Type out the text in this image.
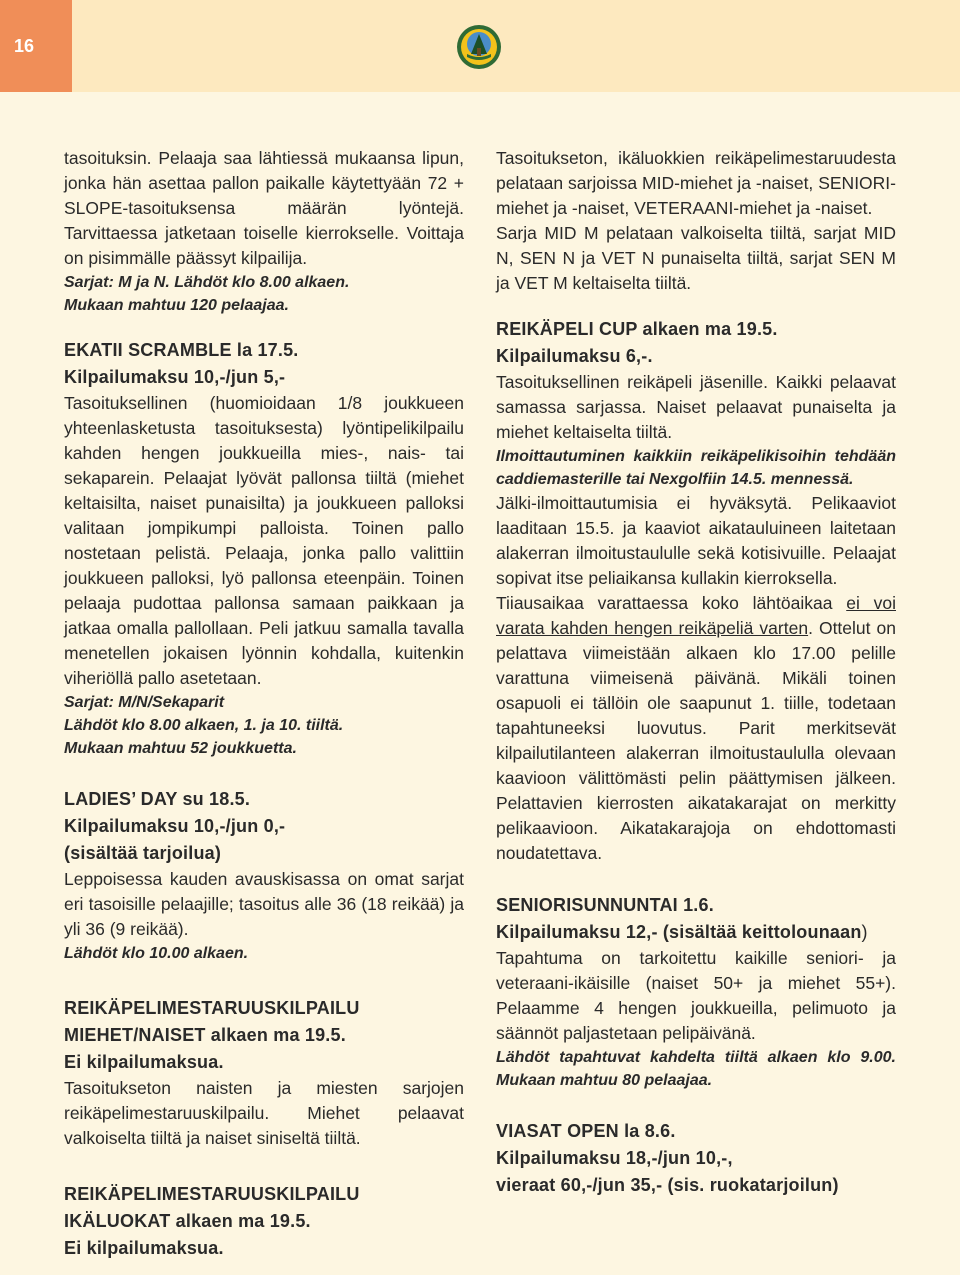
16

tasoituksin. Pelaaja saa lähtiessä mukaansa lipun, jonka hän asettaa pallon paikalle käytettyään 72 + SLOPE-tasoituksensa määrän lyöntejä. Tarvittaessa jatketaan toiselle kierrokselle. Voittaja on pisimmälle päässyt kilpailija.

Sarjat: M ja N. Lähdöt klo 8.00 alkaen.
Mukaan mahtuu 120 pelaajaa.
EKATII SCRAMBLE la 17.5.
Kilpailumaksu 10,-/jun 5,-

Tasoituksellinen (huomioidaan 1/8 joukkueen yhteenlasketusta tasoituksesta) lyöntipelikilpailu kahden hengen joukkueilla mies-, nais- tai sekaparein. Pelaajat lyövät pallonsa tiiltä (miehet keltaisilta, naiset punaisilta) ja joukkueen palloksi valitaan jompikumpi palloista. Toinen pallo nostetaan pelistä. Pelaaja, jonka pallo valittiin joukkueen palloksi, lyö pallonsa eteenpäin. Toinen pelaaja pudottaa pallonsa samaan paikkaan ja jatkaa omalla pallollaan. Peli jatkuu samalla tavalla menetellen jokaisen lyönnin kohdalla, kuitenkin viheriöllä pallo asetetaan.

Sarjat: M/N/Sekaparit
Lähdöt klo 8.00 alkaen, 1. ja 10. tiiltä.
Mukaan mahtuu 52 joukkuetta.
LADIES’ DAY su 18.5.
Kilpailumaksu 10,-/jun 0,-
(sisältää tarjoilua)

Leppoisessa kauden avauskisassa on omat sarjat eri tasoisille pelaajille; tasoitus alle 36 (18 reikää) ja yli 36 (9 reikää).

Lähdöt klo 10.00 alkaen.
REIKÄPELIMESTARUUSKILPAILU
MIEHET/NAISET alkaen ma 19.5.
Ei kilpailumaksua.

Tasoitukseton naisten ja miesten sarjojen reikäpelimestaruuskilpailu. Miehet pelaavat valkoiselta tiiltä ja naiset siniseltä tiiltä.

REIKÄPELIMESTARUUSKILPAILU
IKÄLUOKAT alkaen ma 19.5.
Ei kilpailumaksua.

Tasoitukseton, ikäluokkien reikäpelimestaruudesta pelataan sarjoissa MID-miehet ja -naiset, SENIORI-miehet ja -naiset, VETERAANI-miehet ja -naiset.

Sarja MID M pelataan valkoiselta tiiltä, sarjat MID N, SEN N ja VET N punaiselta tiiltä, sarjat SEN M ja VET M keltaiselta tiiltä.

REIKÄPELI CUP alkaen ma 19.5.
Kilpailumaksu 6,-.

Tasoituksellinen reikäpeli jäsenille. Kaikki pelaavat samassa sarjassa. Naiset pelaavat punaiselta ja miehet keltaiselta tiiltä.

Ilmoittautuminen kaikkiin reikäpelikisoihin tehdään caddiemasterille tai Nexgolfiin 14.5. mennessä.

Jälki-ilmoittautumisia ei hyväksytä. Pelikaaviot laaditaan 15.5. ja kaaviot aikatauluineen laitetaan alakerran ilmoitustaululle sekä kotisivuille. Pelaajat sopivat itse peliaikansa kullakin kierroksella.

Tiiausaikaa varattaessa koko lähtöaikaa ei voi varata kahden hengen reikäpeliä varten. Ottelut on pelattava viimeistään alkaen klo 17.00 pelille varattuna viimeisenä päivänä. Mikäli toinen osapuoli ei tällöin ole saapunut 1. tiille, todetaan tapahtuneeksi luovutus. Parit merkitsevät kilpailutilanteen alakerran ilmoitustaululla olevaan kaavioon välittömästi pelin päättymisen jälkeen. Pelattavien kierrosten aikatakarajat on merkitty pelikaavioon. Aikatakarajoja on ehdottomasti noudatettava.

SENIORISUNNUNTAI 1.6.
Kilpailumaksu 12,- (sisältää keittolounaan)

Tapahtuma on tarkoitettu kaikille seniori- ja veteraani-ikäisille (naiset 50+ ja miehet 55+). Pelaamme 4 hengen joukkueilla, pelimuoto ja säännöt paljastetaan pelipäivänä.

Lähdöt tapahtuvat kahdelta tiiltä alkaen klo 9.00. Mukaan mahtuu 80 pelaajaa.

VIASAT OPEN la 8.6.
Kilpailumaksu 18,-/jun 10,-,
vieraat 60,-/jun 35,- (sis. ruokatarjoilun)
